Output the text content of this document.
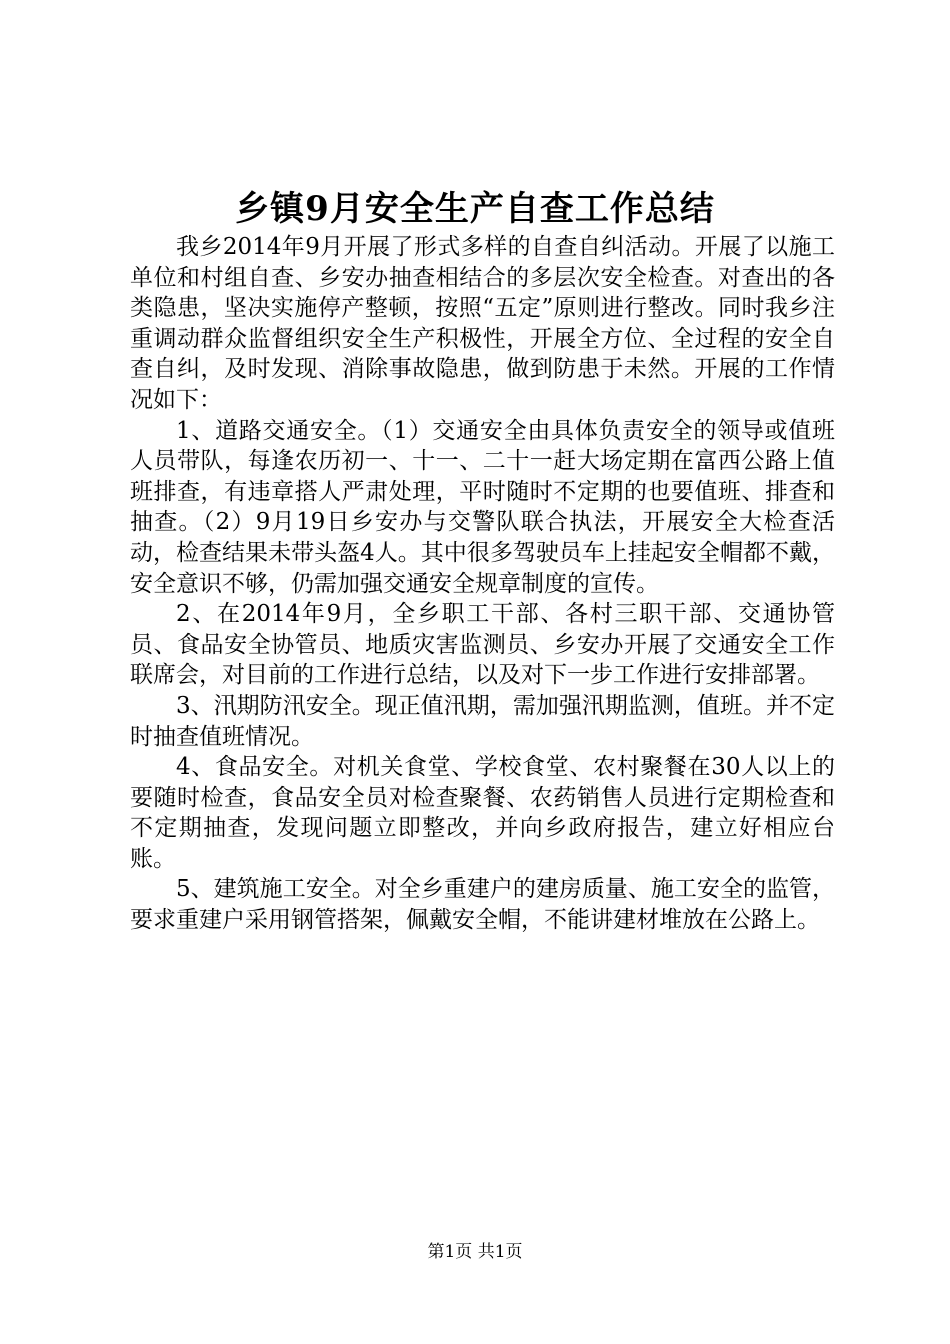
乡镇9月安全生产自查工作总结

我乡2014年9月开展了形式多样的自查自纠活动。开展了以施工单位和村组自查、乡安办抽查相结合的多层次安全检查。对查出的各类隐患，坚决实施停产整顿，按照“五定”原则进行整改。同时我乡注重调动群众监督组织安全生产积极性，开展全方位、全过程的安全自查自纠，及时发现、消除事故隐患，做到防患于未然。开展的工作情况如下：

1、道路交通安全。（1）交通安全由具体负责安全的领导或值班人员带队，每逢农历初一、十一、二十一赶大场定期在富西公路上值班排查，有违章搭人严肃处理，平时随时不定期的也要值班、排查和抽查。（2）9月19日乡安办与交警队联合执法，开展安全大检查活动，检查结果未带头盔4人。其中很多驾驶员车上挂起安全帽都不戴，安全意识不够，仍需加强交通安全规章制度的宣传。

2、在2014年9月，全乡职工干部、各村三职干部、交通协管员、食品安全协管员、地质灾害监测员、乡安办开展了交通安全工作联席会，对目前的工作进行总结，以及对下一步工作进行安排部署。

3、汛期防汛安全。现正值汛期，需加强汛期监测，值班。并不定时抽查值班情况。

4、食品安全。对机关食堂、学校食堂、农村聚餐在30人以上的要随时检查，食品安全员对检查聚餐、农药销售人员进行定期检查和不定期抽查，发现问题立即整改，并向乡政府报告，建立好相应台账。

5、建筑施工安全。对全乡重建户的建房质量、施工安全的监管，要求重建户采用钢管搭架，佩戴安全帽，不能讲建材堆放在公路上。

第1页 共1页
